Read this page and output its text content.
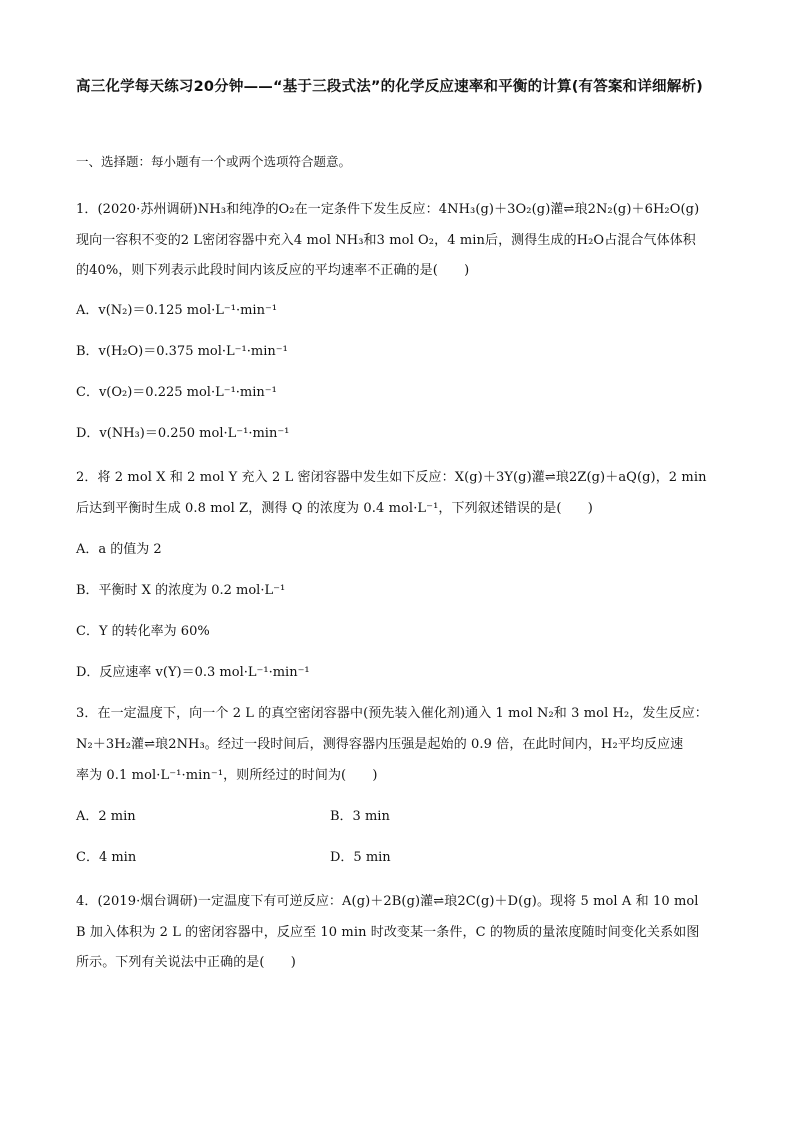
高三化学每天练习20分钟——“基于三段式法”的化学反应速率和平衡的计算(有答案和详细解析)
一、选择题：每小题有一个或两个选项符合题意。
1．(2020·苏州调研)NH₃和纯净的O₂在一定条件下发生反应：4NH₃(g)＋3O₂(g)灌⇌琅2N₂(g)＋6H₂O(g)
现向一容积不变的2 L密闭容器中充入4 mol NH₃和3 mol O₂，4 min后，测得生成的H₂O占混合气体体积
的40%，则下列表示此段时间内该反应的平均速率不正确的是(　　)
A．v(N₂)＝0.125 mol·L⁻¹·min⁻¹
B．v(H₂O)＝0.375 mol·L⁻¹·min⁻¹
C．v(O₂)＝0.225 mol·L⁻¹·min⁻¹
D．v(NH₃)＝0.250 mol·L⁻¹·min⁻¹
2．将 2 mol X 和 2 mol Y 充入 2 L 密闭容器中发生如下反应：X(g)＋3Y(g)灌⇌琅2Z(g)＋aQ(g)，2 min
后达到平衡时生成 0.8 mol Z，测得 Q 的浓度为 0.4 mol·L⁻¹，下列叙述错误的是(　　)
A．a 的值为 2
B．平衡时 X 的浓度为 0.2 mol·L⁻¹
C．Y 的转化率为 60%
D．反应速率 v(Y)＝0.3 mol·L⁻¹·min⁻¹
3．在一定温度下，向一个 2 L 的真空密闭容器中(预先装入催化剂)通入 1 mol N₂和 3 mol H₂，发生反应：
N₂＋3H₂灌⇌琅2NH₃。经过一段时间后，测得容器内压强是起始的 0.9 倍，在此时间内，H₂平均反应速
率为 0.1 mol·L⁻¹·min⁻¹，则所经过的时间为(　　)
A．2 min	B．3 min
C．4 min	D．5 min
4．(2019·烟台调研)一定温度下有可逆反应：A(g)＋2B(g)灌⇌琅2C(g)＋D(g)。现将 5 mol A 和 10 mol
B 加入体积为 2 L 的密闭容器中，反应至 10 min 时改变某一条件，C 的物质的量浓度随时间变化关系如图
所示。下列有关说法中正确的是(　　)
